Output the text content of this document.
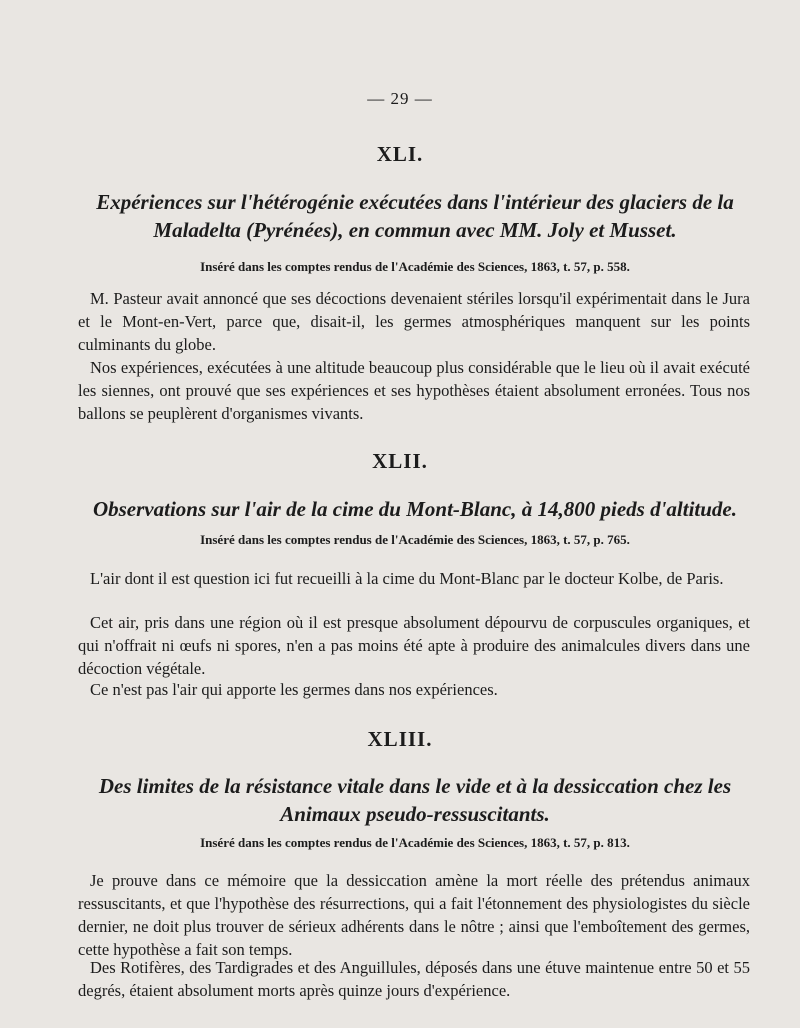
— 29 —
XLI.
Expériences sur l'hétérogénie exécutées dans l'intérieur des glaciers de la Maladelta (Pyrénées), en commun avec MM. Joly et Musset.
Inséré dans les comptes rendus de l'Académie des Sciences, 1863, t. 57, p. 558.

M. Pasteur avait annoncé que ses décoctions devenaient stériles lorsqu'il expérimentait dans le Jura et le Mont-en-Vert, parce que, disait-il, les germes atmosphériques manquent sur les points culminants du globe.

Nos expériences, exécutées à une altitude beaucoup plus considérable que le lieu où il avait exécuté les siennes, ont prouvé que ses expériences et ses hypothèses étaient absolument erronées. Tous nos ballons se peuplèrent d'organismes vivants.

XLII.
Observations sur l'air de la cime du Mont-Blanc, à 14,800 pieds d'altitude.
Inséré dans les comptes rendus de l'Académie des Sciences, 1863, t. 57, p. 765.

L'air dont il est question ici fut recueilli à la cime du Mont-Blanc par le docteur Kolbe, de Paris.

Cet air, pris dans une région où il est presque absolument dépourvu de corpuscules organiques, et qui n'offrait ni œufs ni spores, n'en a pas moins été apte à produire des animalcules divers dans une décoction végétale.

Ce n'est pas l'air qui apporte les germes dans nos expériences.

XLIII.
Des limites de la résistance vitale dans le vide et à la dessiccation chez les Animaux pseudo-ressuscitants.
Inséré dans les comptes rendus de l'Académie des Sciences, 1863, t. 57, p. 813.

Je prouve dans ce mémoire que la dessiccation amène la mort réelle des prétendus animaux ressuscitants, et que l'hypothèse des résurrections, qui a fait l'étonnement des physiologistes du siècle dernier, ne doit plus trouver de sérieux adhérents dans le nôtre ; ainsi que l'emboîtement des germes, cette hypothèse a fait son temps.

Des Rotifères, des Tardigrades et des Anguillules, déposés dans une étuve maintenue entre 50 et 55 degrés, étaient absolument morts après quinze jours d'expérience.
